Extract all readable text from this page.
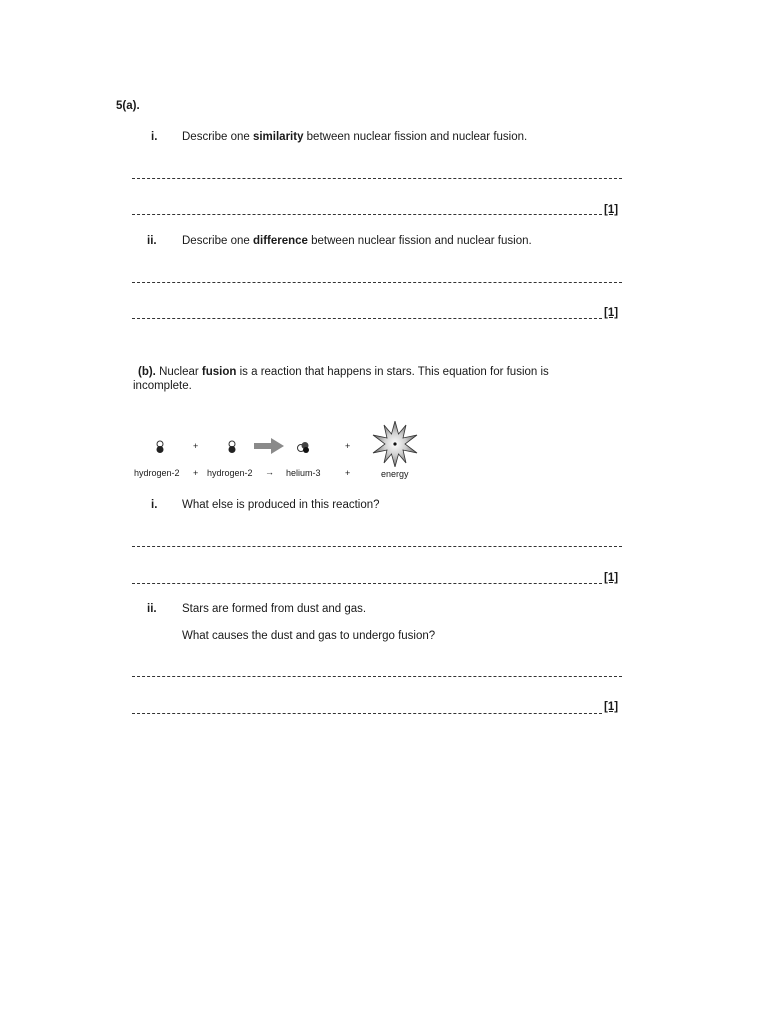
5(a).
i. Describe one similarity between nuclear fission and nuclear fusion.
[1]
ii. Describe one difference between nuclear fission and nuclear fusion.
[1]
(b). Nuclear fusion is a reaction that happens in stars. This equation for fusion is
incomplete.
+	+
hydrogen-2 + hydrogen-2 → helium-3	+	energy
i. What else is produced in this reaction?
[1]
ii. Stars are formed from dust and gas.
What causes the dust and gas to undergo fusion?
[1]
